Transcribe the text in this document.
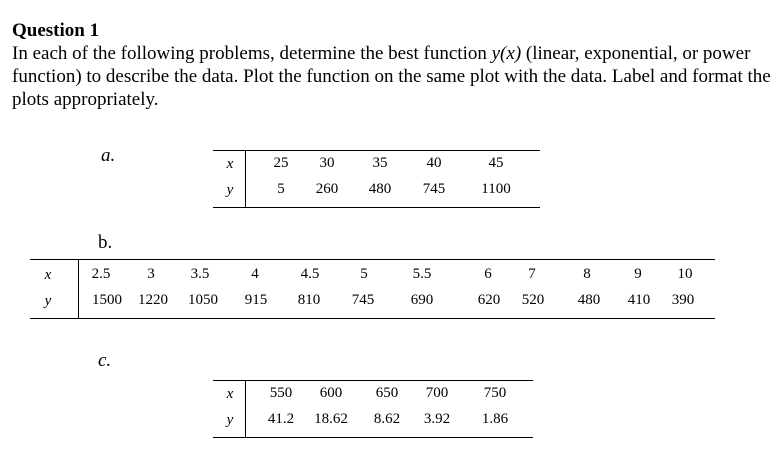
Question 1

In each of the following problems, determine the best function y(x) (linear, exponential, or power function) to describe the data. Plot the function on the same plot with the data. Label and format the plots appropriately.

a.	x	25 30	35	40	45
y	5 260 480 745 1100
b.
x	2.5 3 3.5	4	4.5	5	5.5	6 7	8	9 10
y	1500 1220 1050 915 810 745 690	620 520 480 410 390
c.
x 550 600 650 700 750
y 41.2 18.62 8.62 3.92 1.86
